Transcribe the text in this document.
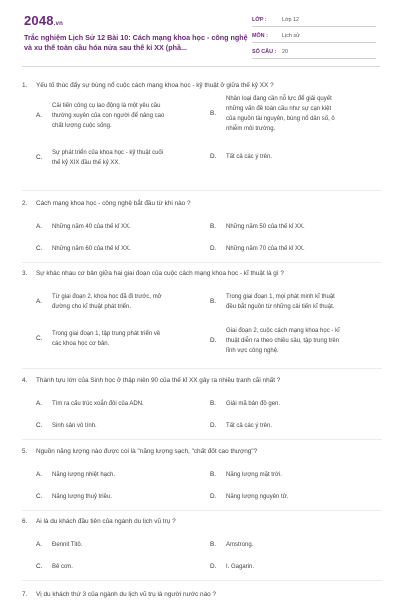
2048.vn
Trắc nghiệm Lịch Sử 12 Bài 10: Cách mạng khoa học - công nghệ và xu thế toàn cầu hóa nửa sau thế kỉ XX (phầ...
LỚP :	Lớp 12
MÔN :	Lịch sử
SỐ CÂU :	20
1. Yếu tố thúc đẩy sự bùng nổ cuộc cách mạng khoa học - kỹ thuật ở giữa thế kỷ XX ?
A.
Cái tiến công cụ lao động là một yêu cầu
thường xuyên của con người để nâng cao
chất lượng cuộc sống.
B.
Nhân loại đang cần nỗ lực để giải quyết
những vấn đề toàn cầu như sự cạn kiệt
của nguồn tài nguyên, bùng nổ dân số, ô
nhiễm môi trường.
C.
Sự phát triển của khoa học - kỹ thuật cuối
thế kỷ XIX đầu thế kỷ XX.
D. Tất cả các ý trên.
2. Cách mạng khoa học - công nghệ bắt đầu từ khi nào ?
A. Những năm 40 của thế kỉ XX.	B. Những năm 50 của thế kỉ XX.
C. Những năm 60 của thế kỉ XX.	D. Những năm 70 của thế kỉ XX.
3. Sự khác nhau cơ bản giữa hai giai đoạn của cuộc cách mạng khoa học - kĩ thuật là gì ?
A.
Từ giai đoạn 2, khoa học đã đi trước, mở
đường cho kĩ thuật phát triển.
B.
Trong giai đoạn 1, mọi phát minh kĩ thuật
đều bắt nguồn từ những cải tiến kĩ thuật.
C.
Trong giai đoạn 1, tập trung phát triển về
các khoa học cơ bản.	D.
Giai đoạn 2, cuộc cách mạng khoa học - kĩ
thuật diễn ra theo chiều sâu, tập trung trên
lĩnh vực công nghệ.
4. Thành tựu lớn của Sinh học ở thập niên 90 của thế kỉ XX gây ra nhiều tranh cãi nhất ?
A. Tìm ra cấu trúc xoắn đôi của ADN.	B. Giải mã bản đồ gen.
C. Sinh sản vô tính.	D. Tất cả các ý trên.
5. Nguồn năng lượng nào được coi là "năng lượng sạch, "chất đốt cao thượng"?
A. Năng lượng nhiệt hạch.	B. Năng lượng mặt trời.
C. Năng lượng thuỷ triều.	D. Năng lượng nguyên tử.
6. Ai là du khách đầu tiên của ngành du lịch vũ trụ ?
A. Đennit Titô.	B. Amstrong.
C. Bê cơn.	D. I. Gagarin.
7. Vị du khách thứ 3 của ngành du lịch vũ trụ là người nước nào ?
